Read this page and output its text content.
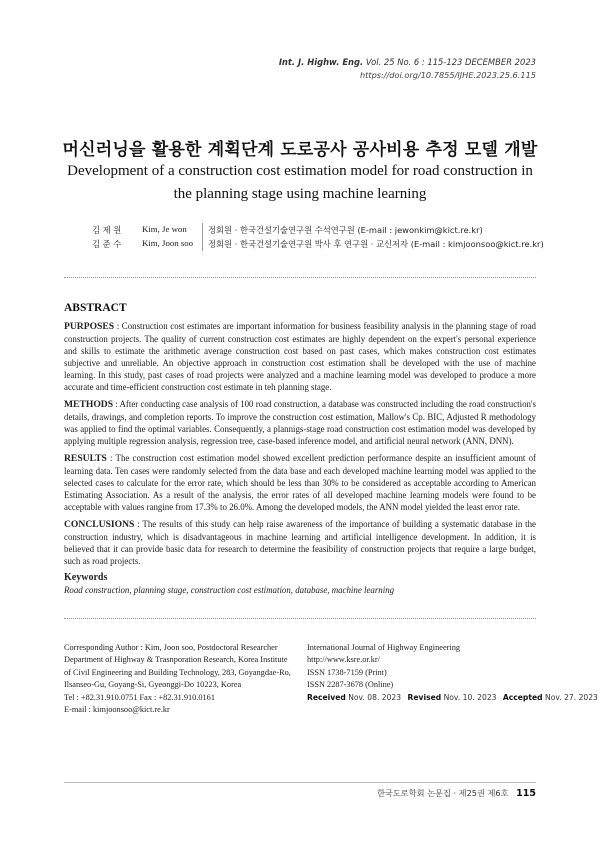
Int. J. Highw. Eng. Vol. 25 No. 6 : 115-123 DECEMBER 2023
https://doi.org/10.7855/IJHE.2023.25.6.115
머신러닝을 활용한 계획단계 도로공사 공사비용 추정 모델 개발
Development of a construction cost estimation model for road construction in the planning stage using machine learning
김 제 원 Kim, Je won	정회원 · 한국건설기술연구원 수석연구원 (E-mail : jewonkim@kict.re.kr)
김 준 수 Kim, Joon soo 정회원 · 한국건설기술연구원 박사 후 연구원 · 교신저자 (E-mail : kimjoonsoo@kict.re.kr)
ABSTRACT

PURPOSES : Construction cost estimates are important information for business feasibility analysis in the planning stage of road construction projects. The quality of current construction cost estimates are highly dependent on the expert's personal experience and skills to estimate the arithmetic average construction cost based on past cases, which makes construction cost estimates subjective and unreliable. An objective approach in construction cost estimation shall be developed with the use of machine learning. In this study, past cases of road projects were analyzed and a machine learning model was developed to produce a more accurate and time-efficient construction cost estimate in teh planning stage.

METHODS : After conducting case analysis of 100 road construction, a database was constructed including the road construction's details, drawings, and completion reports. To improve the construction cost estimation, Mallow's Cp. BIC, Adjusted R methodology was applied to find the optimal variables. Consequently, a plannigs-stage road construction cost estimation model was developed by applying multiple regression analysis, regression tree, case-based inference model, and artificial neural network (ANN, DNN).

RESULTS : The construction cost estimation model showed excellent prediction performance despite an insufficient amount of learning data. Ten cases were randomly selected from the data base and each developed machine learning model was applied to the selected cases to calculate for the error rate, which should be less than 30% to be considered as acceptable according to American Estimating Association. As a result of the analysis, the error rates of all developed machine learning models were found to be acceptable with values rangine from 17.3% to 26.0%. Among the developed models, the ANN model yielded the least error rate.

CONCLUSIONS : The results of this study can help raise awareness of the importance of building a systematic database in the construction industry, which is disadvantageous in machine learning and artificial intelligence development. In addition, it is believed that it can provide basic data for research to determine the feasibility of construction projects that require a large budget, such as road projects.

Keywords
Road construction, planning stage, construction cost estimation, database, machine learning
Corresponding Author : Kim, Joon soo, Postdoctoral Researcher
Department of Highway & Trasnporation Research, Korea Institute
of Civil Engineering and Building Technology, 283, Goyangdae-Ro,
Ilsanseo-Gu, Goyang-Si, Gyeonggi-Do 10223, Korea
Tel : +82.31.910.0751 Fax : +82.31.910.0161
E-mail : kimjoonsoo@kict.re.kr
International Journal of Highway Engineering
http://www.ksre.or.kr/
ISSN 1738-7159 (Print)
ISSN 2287-3678 (Online)
Received Nov. 08. 2023 Revised Nov. 10. 2023 Accepted Nov. 27. 2023
한국도로학회 논문집 · 제25권 제6호 115
